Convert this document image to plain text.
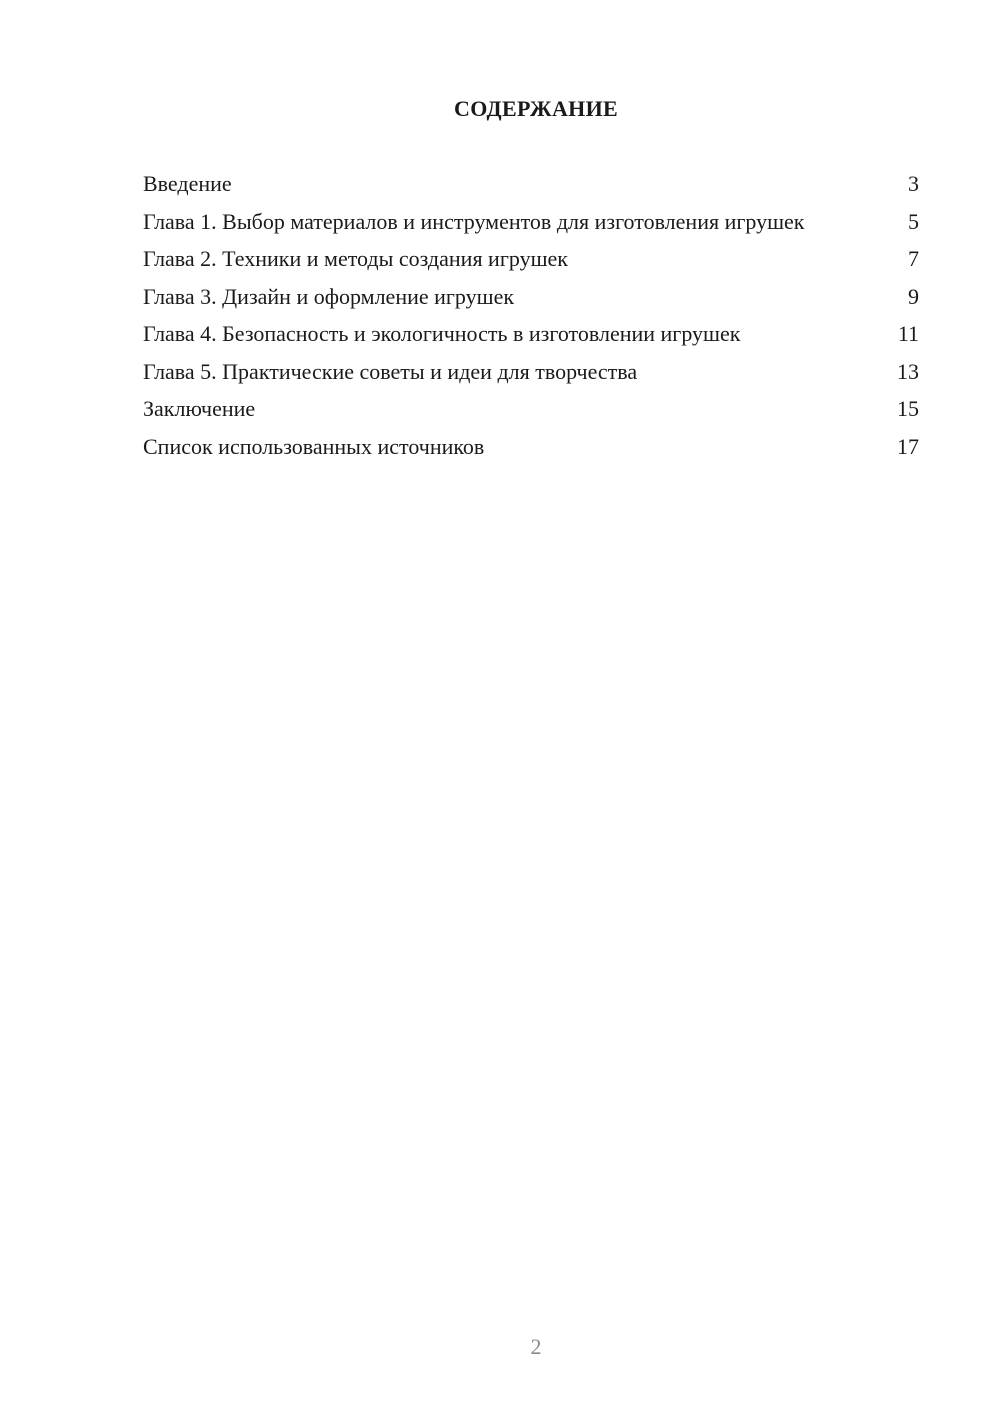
СОДЕРЖАНИЕ
Введение	3
Глава 1. Выбор материалов и инструментов для изготовления игрушек	5
Глава 2. Техники и методы создания игрушек	7
Глава 3. Дизайн и оформление игрушек	9
Глава 4. Безопасность и экологичность в изготовлении игрушек	11
Глава 5. Практические советы и идеи для творчества	13
Заключение	15
Список использованных источников	17
2
